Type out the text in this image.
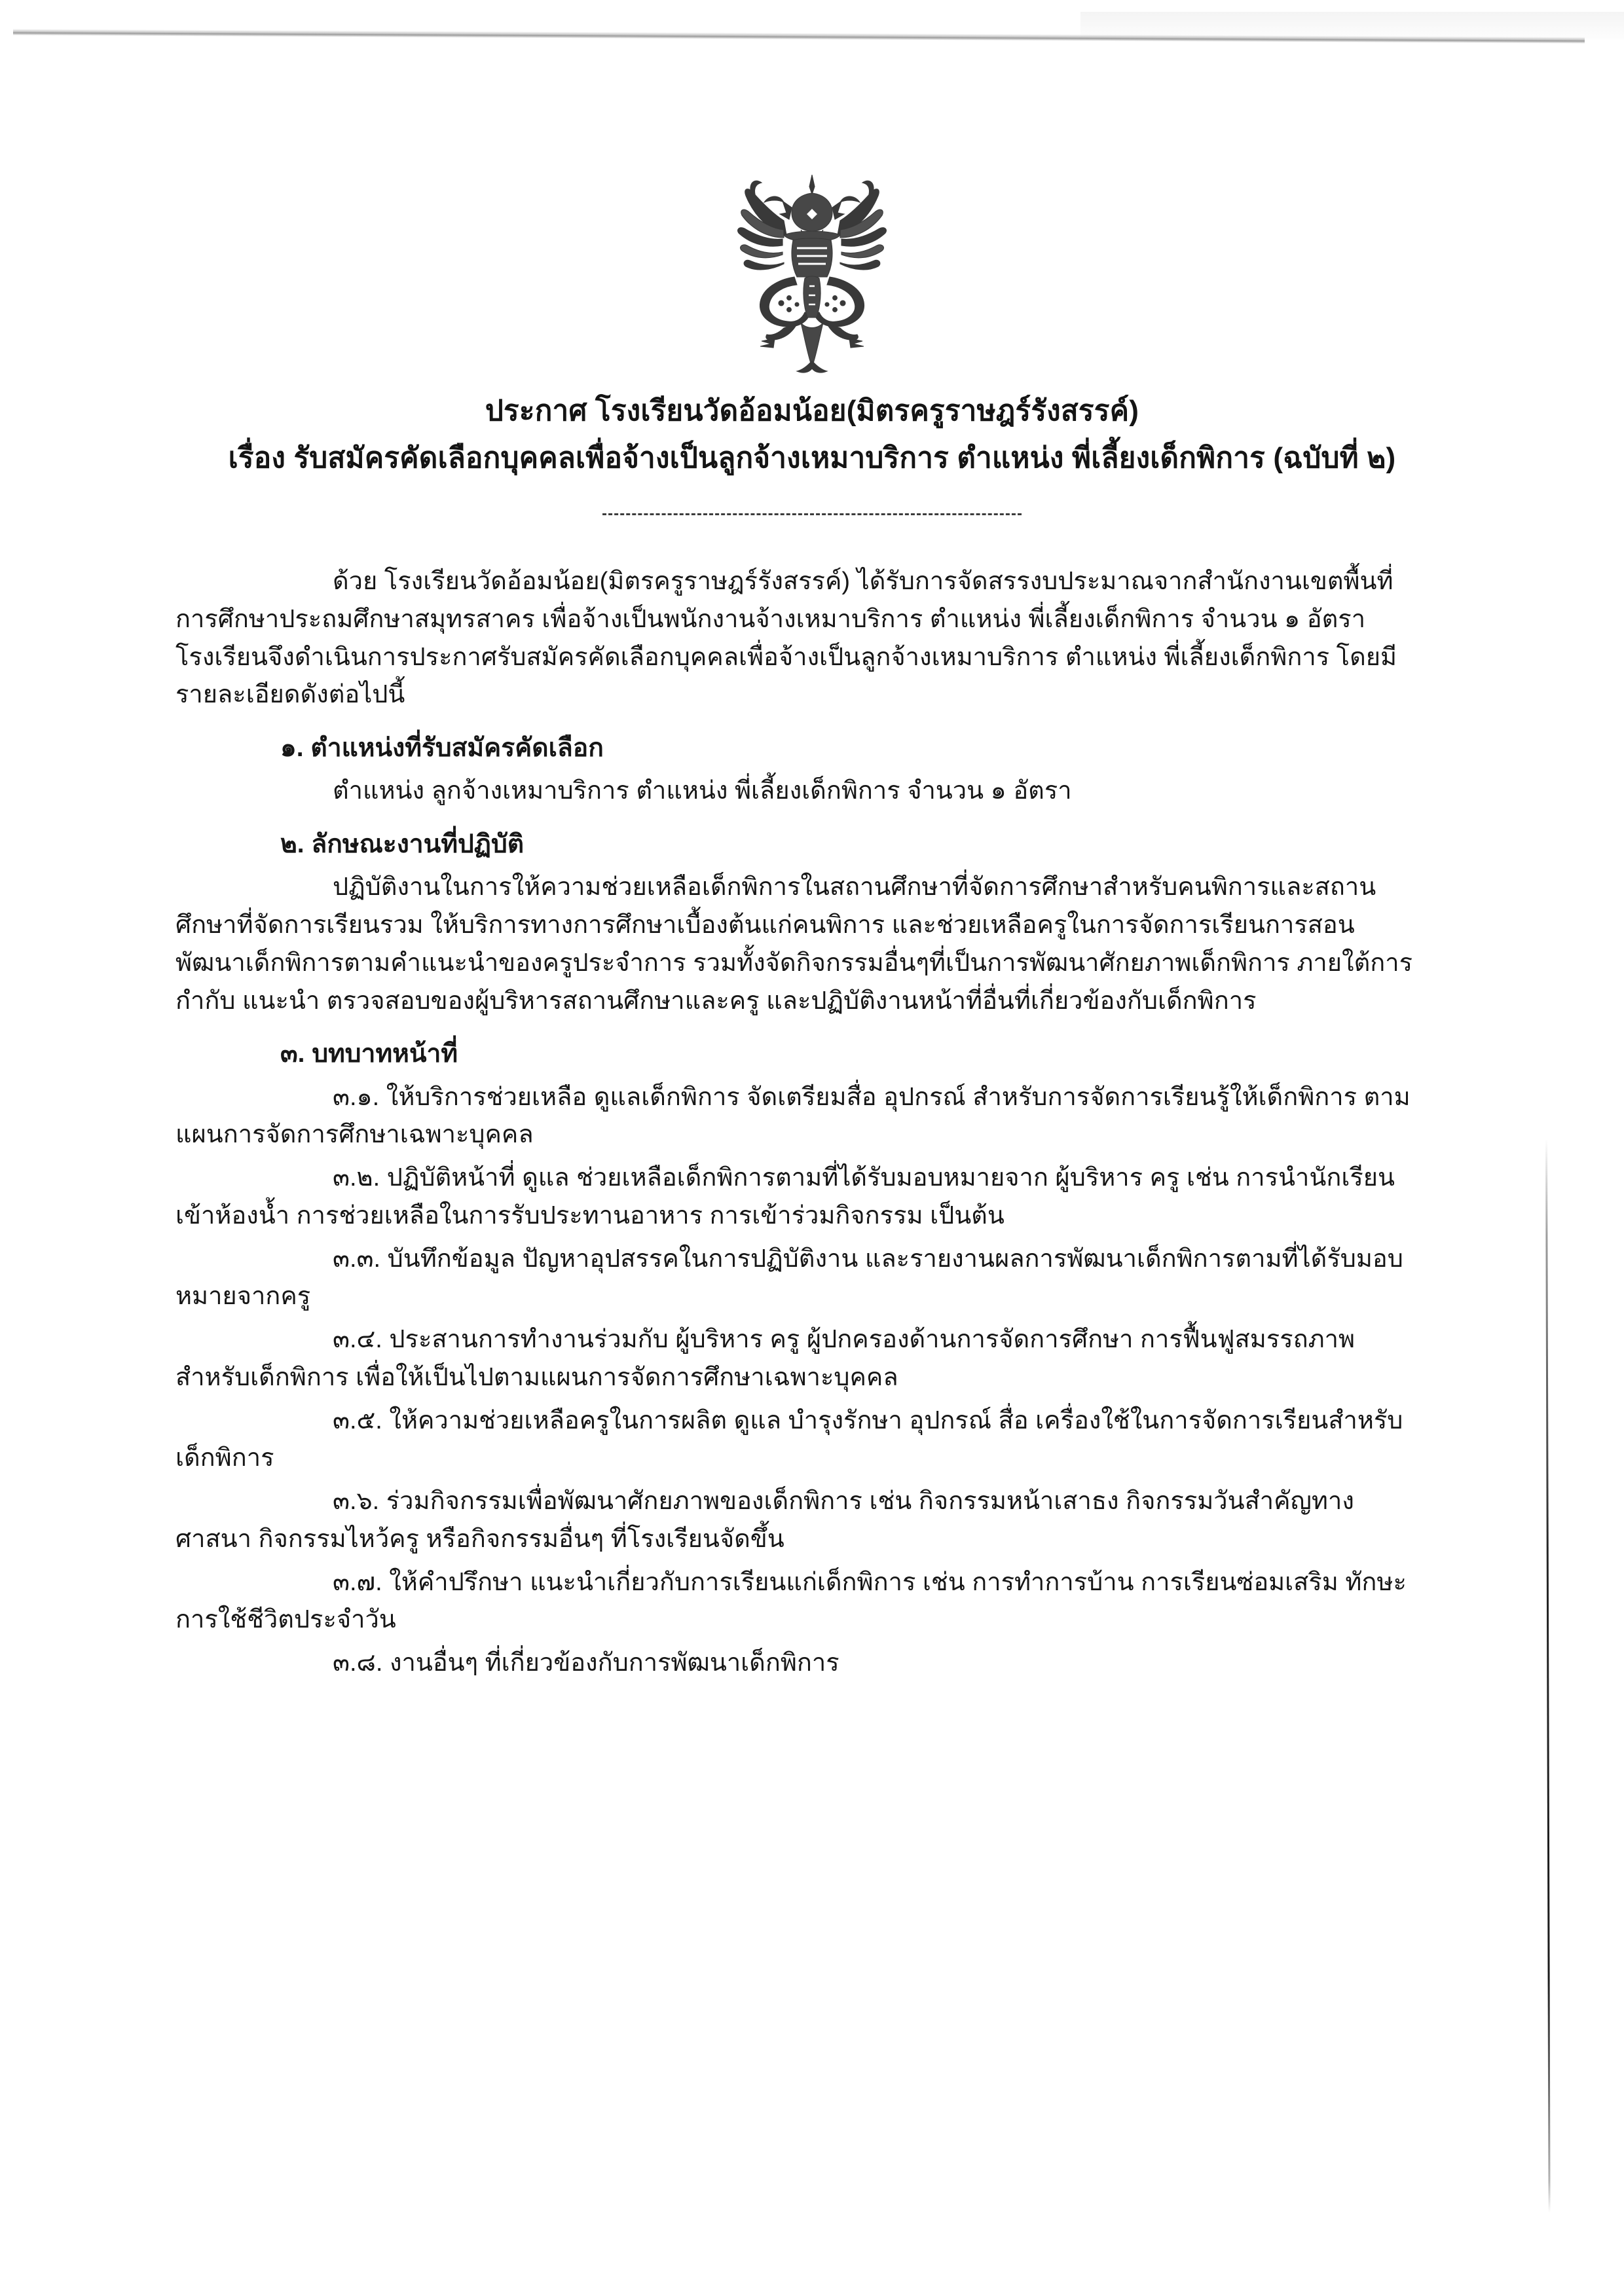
ประกาศ โรงเรียนวัดอ้อมน้อย(มิตรครูราษฎร์รังสรรค์)
เรื่อง รับสมัครคัดเลือกบุคคลเพื่อจ้างเป็นลูกจ้างเหมาบริการ ตำแหน่ง พี่เลี้ยงเด็กพิการ (ฉบับที่ ๒)

ด้วย โรงเรียนวัดอ้อมน้อย(มิตรครูราษฎร์รังสรรค์) ได้รับการจัดสรรงบประมาณจากสำนักงานเขตพื้นที่การศึกษาประถมศึกษาสมุทรสาคร เพื่อจ้างเป็นพนักงานจ้างเหมาบริการ ตำแหน่ง พี่เลี้ยงเด็กพิการ จำนวน ๑ อัตรา โรงเรียนจึงดำเนินการประกาศรับสมัครคัดเลือกบุคคลเพื่อจ้างเป็นลูกจ้างเหมาบริการ ตำแหน่ง พี่เลี้ยงเด็กพิการ โดยมีรายละเอียดดังต่อไปนี้

๑. ตำแหน่งที่รับสมัครคัดเลือก

ตำแหน่ง ลูกจ้างเหมาบริการ ตำแหน่ง พี่เลี้ยงเด็กพิการ จำนวน ๑ อัตรา

๒. ลักษณะงานที่ปฏิบัติ

ปฏิบัติงานในการให้ความช่วยเหลือเด็กพิการในสถานศึกษาที่จัดการศึกษาสำหรับคนพิการและสถานศึกษาที่จัดการเรียนรวม ให้บริการทางการศึกษาเบื้องต้นแก่คนพิการ และช่วยเหลือครูในการจัดการเรียนการสอน พัฒนาเด็กพิการตามคำแนะนำของครูประจำการ รวมทั้งจัดกิจกรรมอื่นๆที่เป็นการพัฒนาศักยภาพเด็กพิการ ภายใต้การกำกับ แนะนำ ตรวจสอบของผู้บริหารสถานศึกษาและครู และปฏิบัติงานหน้าที่อื่นที่เกี่ยวข้องกับเด็กพิการ

๓. บทบาทหน้าที่

๓.๑. ให้บริการช่วยเหลือ ดูแลเด็กพิการ จัดเตรียมสื่อ อุปกรณ์ สำหรับการจัดการเรียนรู้ให้เด็กพิการ ตามแผนการจัดการศึกษาเฉพาะบุคคล

๓.๒. ปฏิบัติหน้าที่ ดูแล ช่วยเหลือเด็กพิการตามที่ได้รับมอบหมายจาก ผู้บริหาร ครู เช่น การนำนักเรียนเข้าห้องน้ำ การช่วยเหลือในการรับประทานอาหาร การเข้าร่วมกิจกรรม เป็นต้น

๓.๓. บันทึกข้อมูล ปัญหาอุปสรรคในการปฏิบัติงาน และรายงานผลการพัฒนาเด็กพิการตามที่ได้รับมอบหมายจากครู

๓.๔. ประสานการทำงานร่วมกับ ผู้บริหาร ครู ผู้ปกครองด้านการจัดการศึกษา การฟื้นฟูสมรรถภาพสำหรับเด็กพิการ เพื่อให้เป็นไปตามแผนการจัดการศึกษาเฉพาะบุคคล

๓.๕. ให้ความช่วยเหลือครูในการผลิต ดูแล บำรุงรักษา อุปกรณ์ สื่อ เครื่องใช้ในการจัดการเรียนสำหรับเด็กพิการ

๓.๖. ร่วมกิจกรรมเพื่อพัฒนาศักยภาพของเด็กพิการ เช่น กิจกรรมหน้าเสาธง กิจกรรมวันสำคัญทางศาสนา กิจกรรมไหว้ครู หรือกิจกรรมอื่นๆ ที่โรงเรียนจัดขึ้น

๓.๗. ให้คำปรึกษา แนะนำเกี่ยวกับการเรียนแก่เด็กพิการ เช่น การทำการบ้าน การเรียนซ่อมเสริม ทักษะการใช้ชีวิตประจำวัน

๓.๘. งานอื่นๆ ที่เกี่ยวข้องกับการพัฒนาเด็กพิการ
